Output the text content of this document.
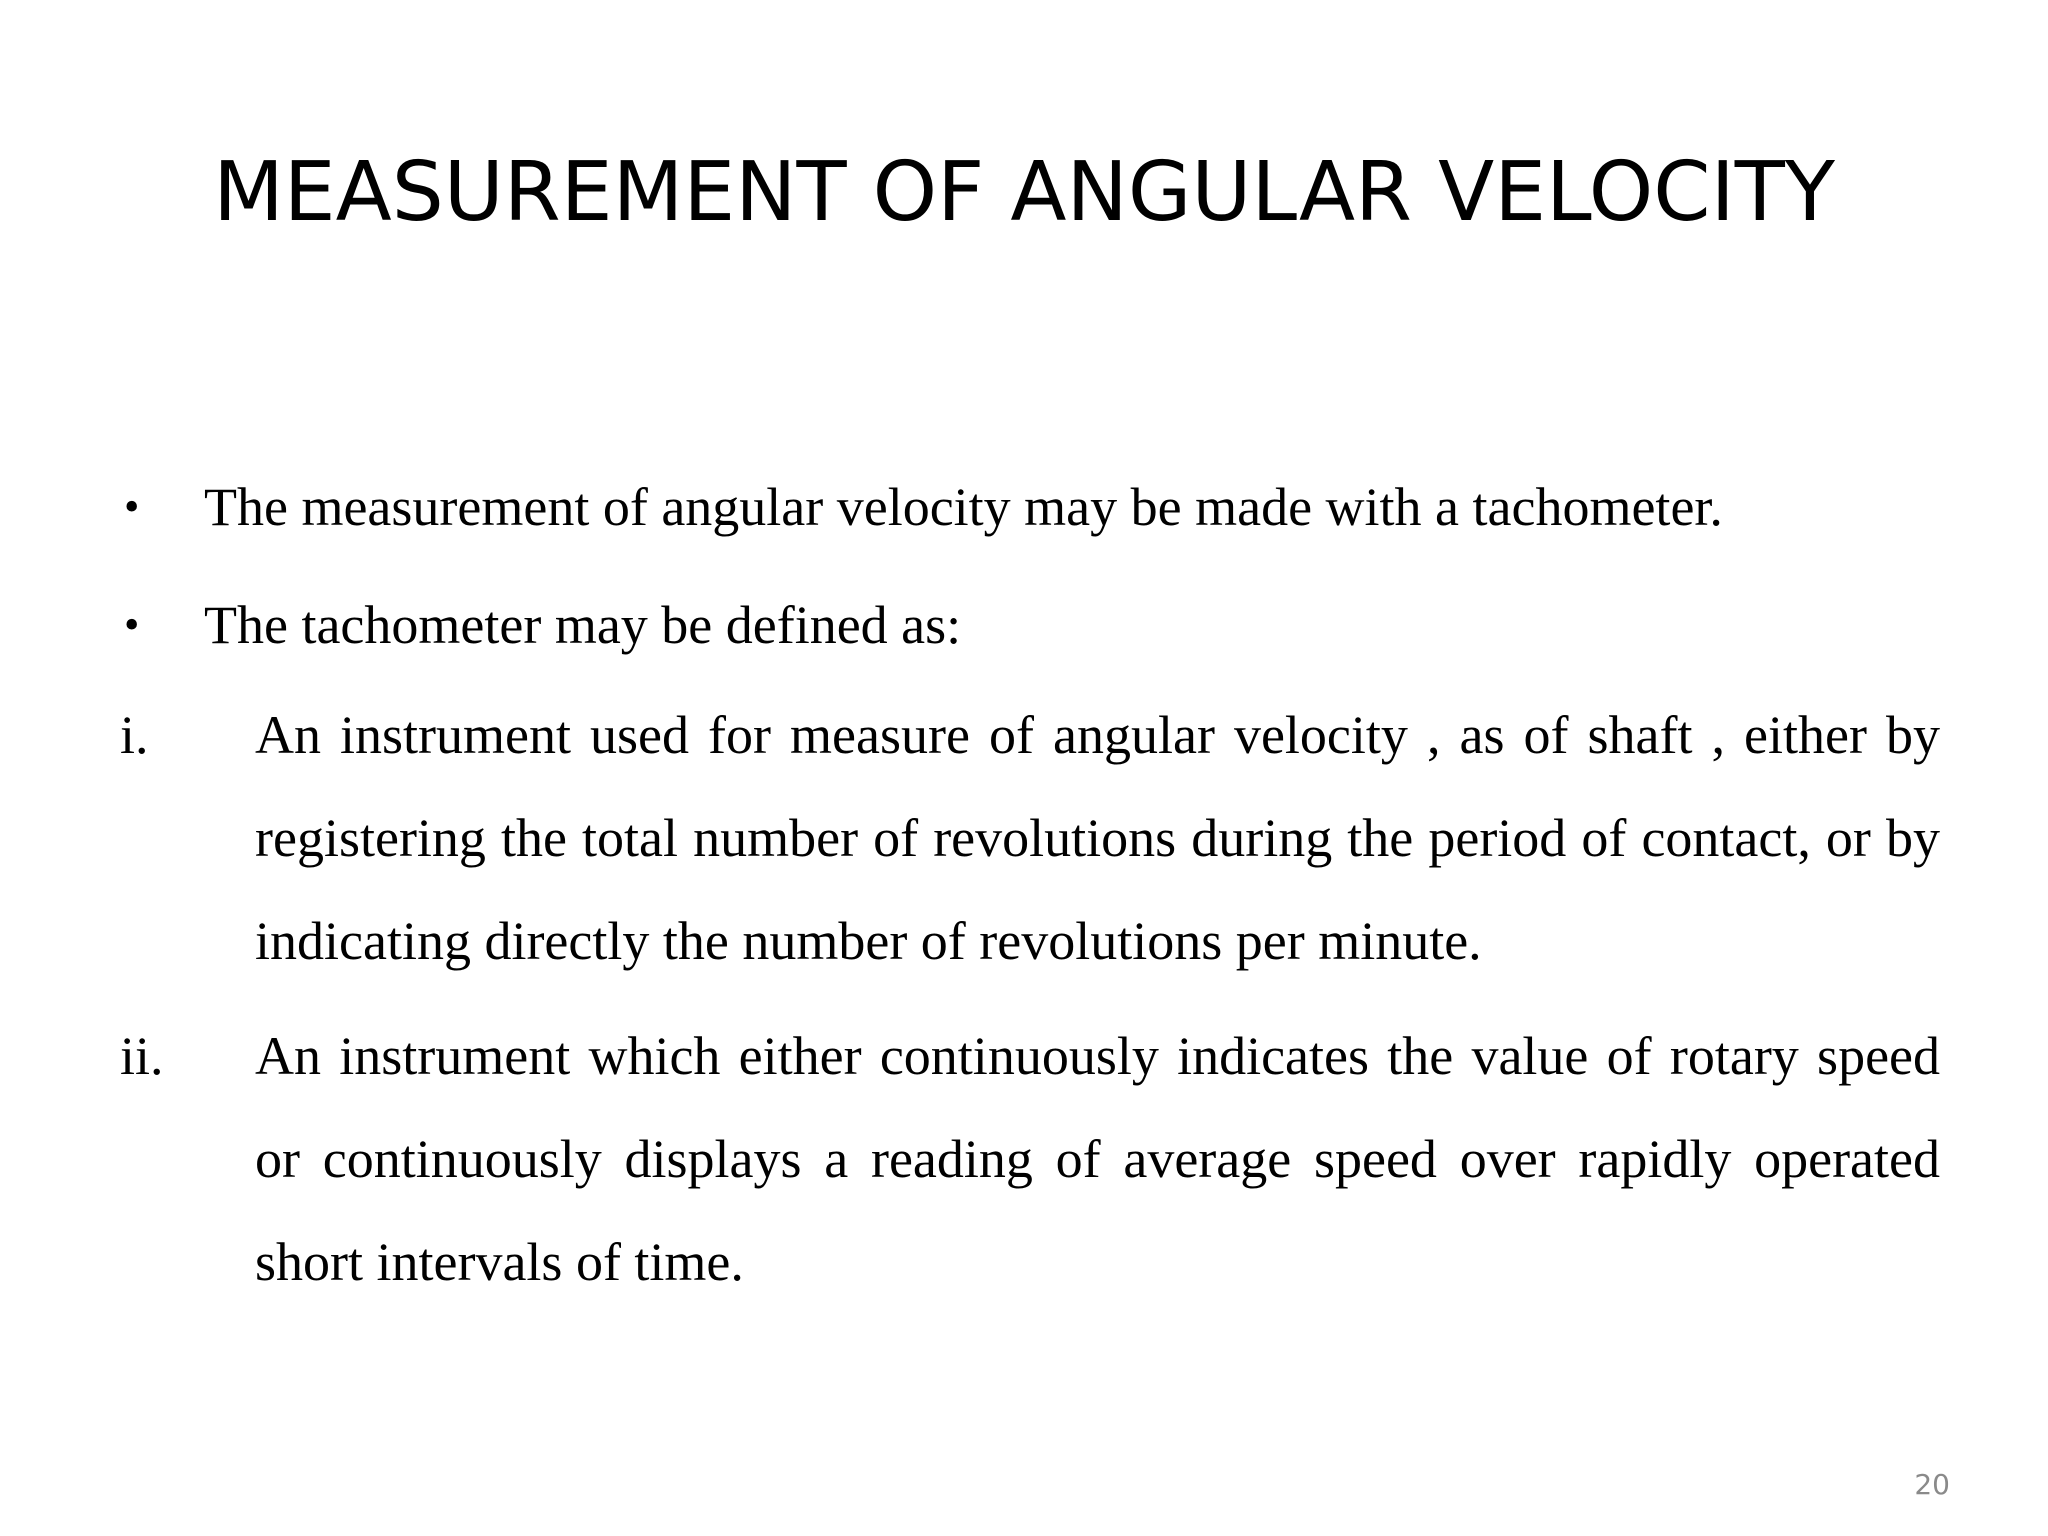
MEASUREMENT OF ANGULAR VELOCITY
• The measurement of angular velocity may be made with a tachometer.
• The tachometer may be defined as:
i. An instrument used for measure of angular velocity , as of shaft , either by registering the total number of revolutions during the period of contact, or by indicating directly the number of revolutions per minute.
ii. An instrument which either continuously indicates the value of rotary speed or continuously displays a reading of average speed over rapidly operated short intervals of time.
20
